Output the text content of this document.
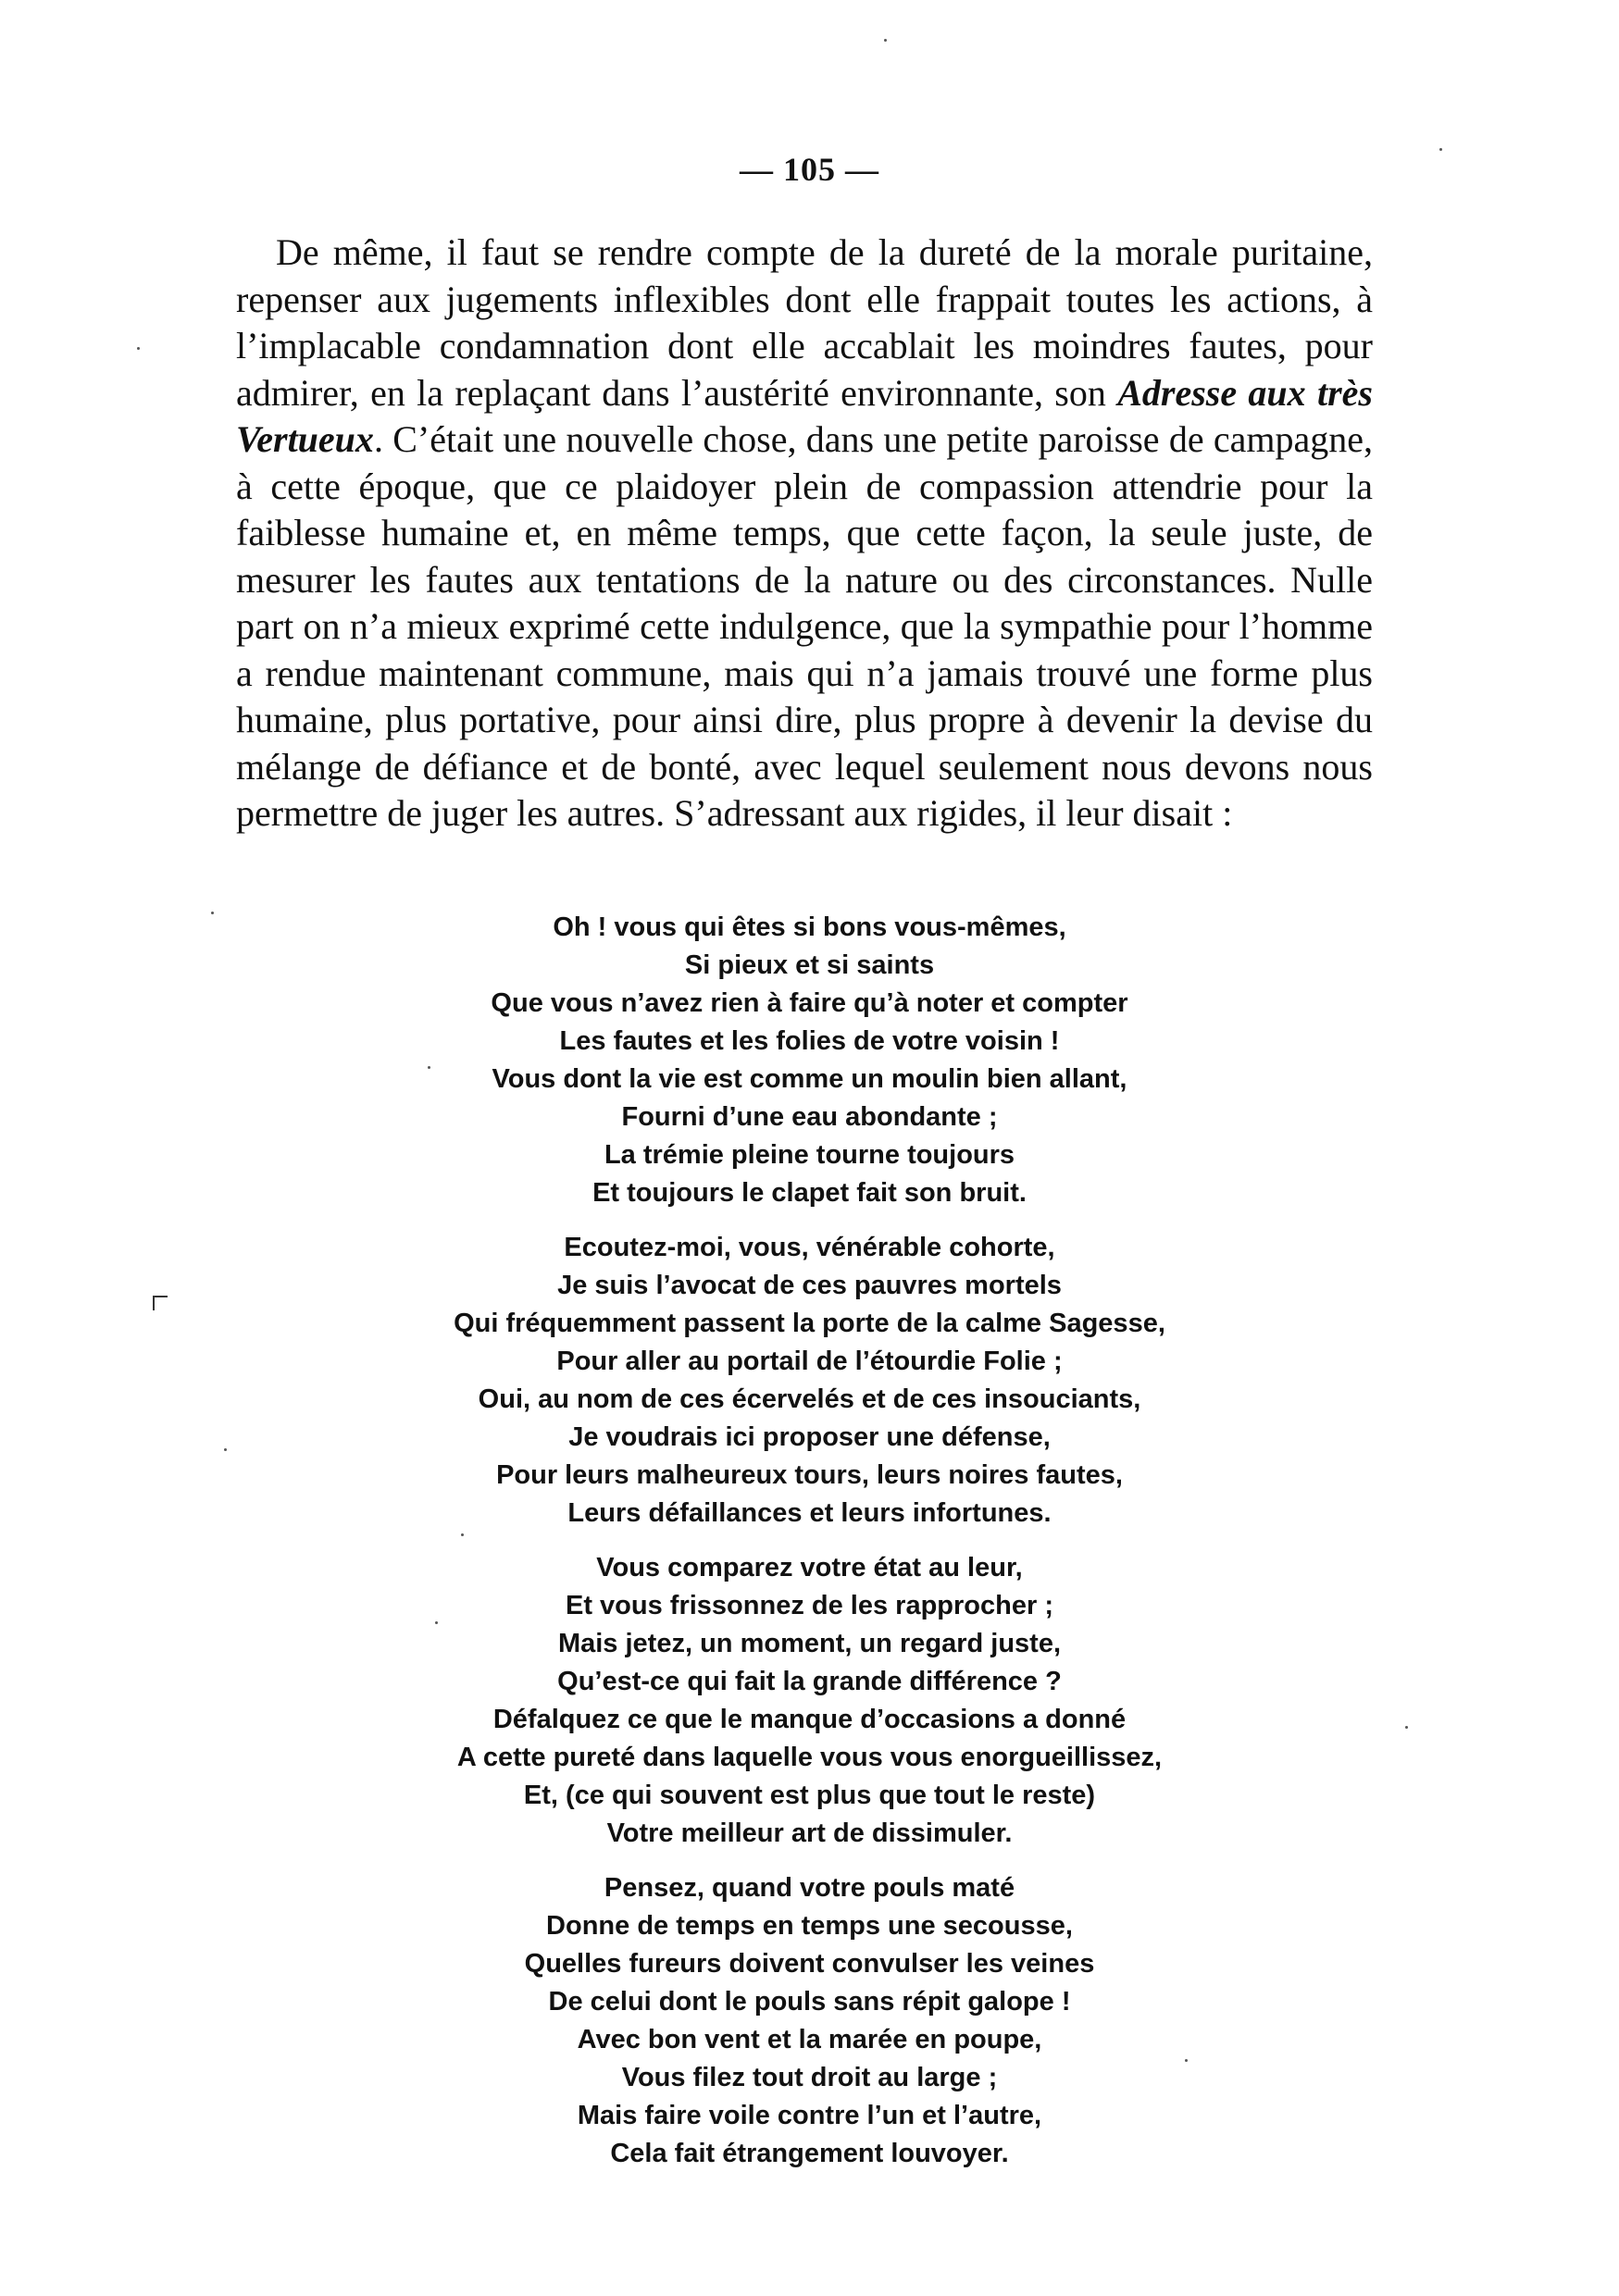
— 105 —

De même, il faut se rendre compte de la dureté de la morale puritaine, repenser aux jugements inflexibles dont elle frappait toutes les actions, à l’implacable condamnation dont elle accablait les moindres fautes, pour admirer, en la replaçant dans l’austérité environnante, son Adresse aux très Vertueux. C’était une nouvelle chose, dans une petite paroisse de campagne, à cette époque, que ce plaidoyer plein de compassion attendrie pour la faiblesse humaine et, en même temps, que cette façon, la seule juste, de mesurer les fautes aux tentations de la nature ou des circonstances. Nulle part on n’a mieux exprimé cette indulgence, que la sympathie pour l’homme a rendue maintenant commune, mais qui n’a jamais trouvé une forme plus humaine, plus portative, pour ainsi dire, plus propre à devenir la devise du mélange de défiance et de bonté, avec lequel seulement nous devons nous permettre de juger les autres. S’adressant aux rigides, il leur disait :

Oh ! vous qui êtes si bons vous-mêmes,
Si pieux et si saints
Que vous n’avez rien à faire qu’à noter et compter
Les fautes et les folies de votre voisin !
Vous dont la vie est comme un moulin bien allant,
Fourni d’une eau abondante ;
La trémie pleine tourne toujours
Et toujours le clapet fait son bruit.
Ecoutez-moi, vous, vénérable cohorte,
Je suis l’avocat de ces pauvres mortels
Qui fréquemment passent la porte de la calme Sagesse,
Pour aller au portail de l’étourdie Folie ;
Oui, au nom de ces écervelés et de ces insouciants,
Je voudrais ici proposer une défense,
Pour leurs malheureux tours, leurs noires fautes,
Leurs défaillances et leurs infortunes.
Vous comparez votre état au leur,
Et vous frissonnez de les rapprocher ;
Mais jetez, un moment, un regard juste,
Qu’est-ce qui fait la grande différence ?
Défalquez ce que le manque d’occasions a donné
A cette pureté dans laquelle vous vous enorgueillissez,
Et, (ce qui souvent est plus que tout le reste)
Votre meilleur art de dissimuler.
Pensez, quand votre pouls maté
Donne de temps en temps une secousse,
Quelles fureurs doivent convulser les veines
De celui dont le pouls sans répit galope !
Avec bon vent et la marée en poupe,
Vous filez tout droit au large ;
Mais faire voile contre l’un et l’autre,
Cela fait étrangement louvoyer.
